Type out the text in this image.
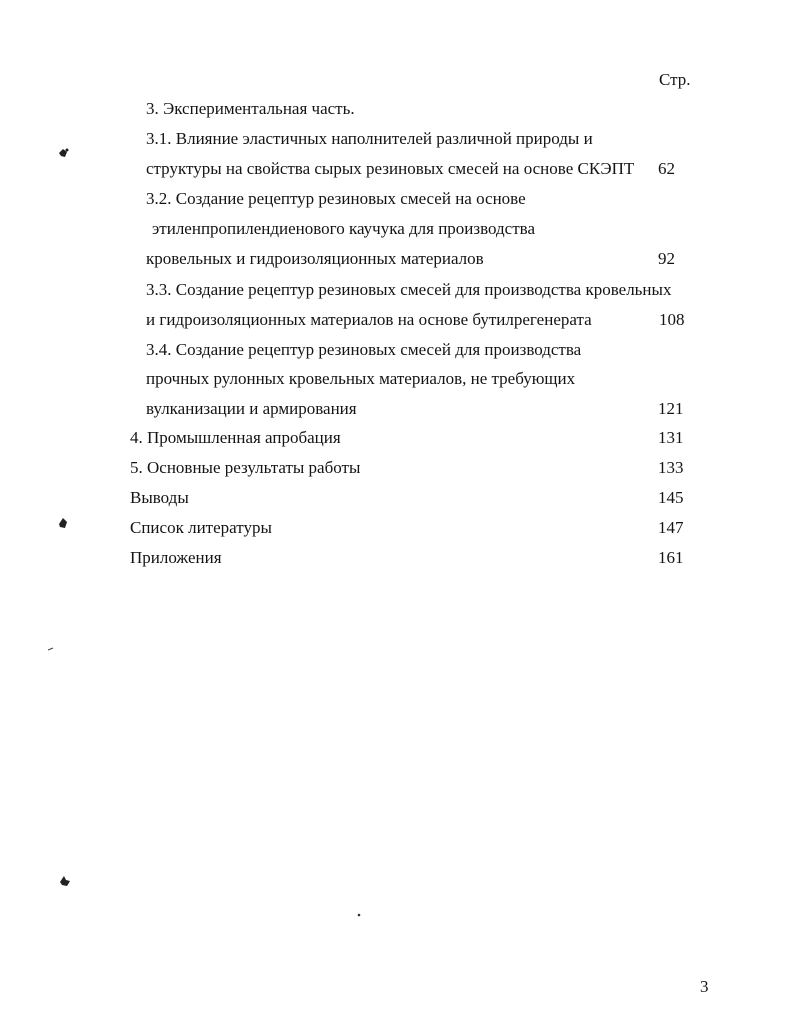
Стр.
3. Экспериментальная часть.
3.1. Влияние эластичных наполнителей различной природы и
структуры на свойства сырых резиновых смесей на основе СКЭПТ 62
3.2. Создание рецептур резиновых смесей на основе
этиленпропилендиенового каучука для производства
кровельных и гидроизоляционных материалов	92
3.3. Создание рецептур резиновых смесей для производства кровельных
и гидроизоляционных материалов на основе бутилрегенерата	108
3.4. Создание рецептур резиновых смесей для производства
прочных рулонных кровельных материалов, не требующих
вулканизации и армирования	121
4. Промышленная апробация	131
5. Основные результаты работы	133
Выводы	145
Список литературы	147
Приложения	161
3
